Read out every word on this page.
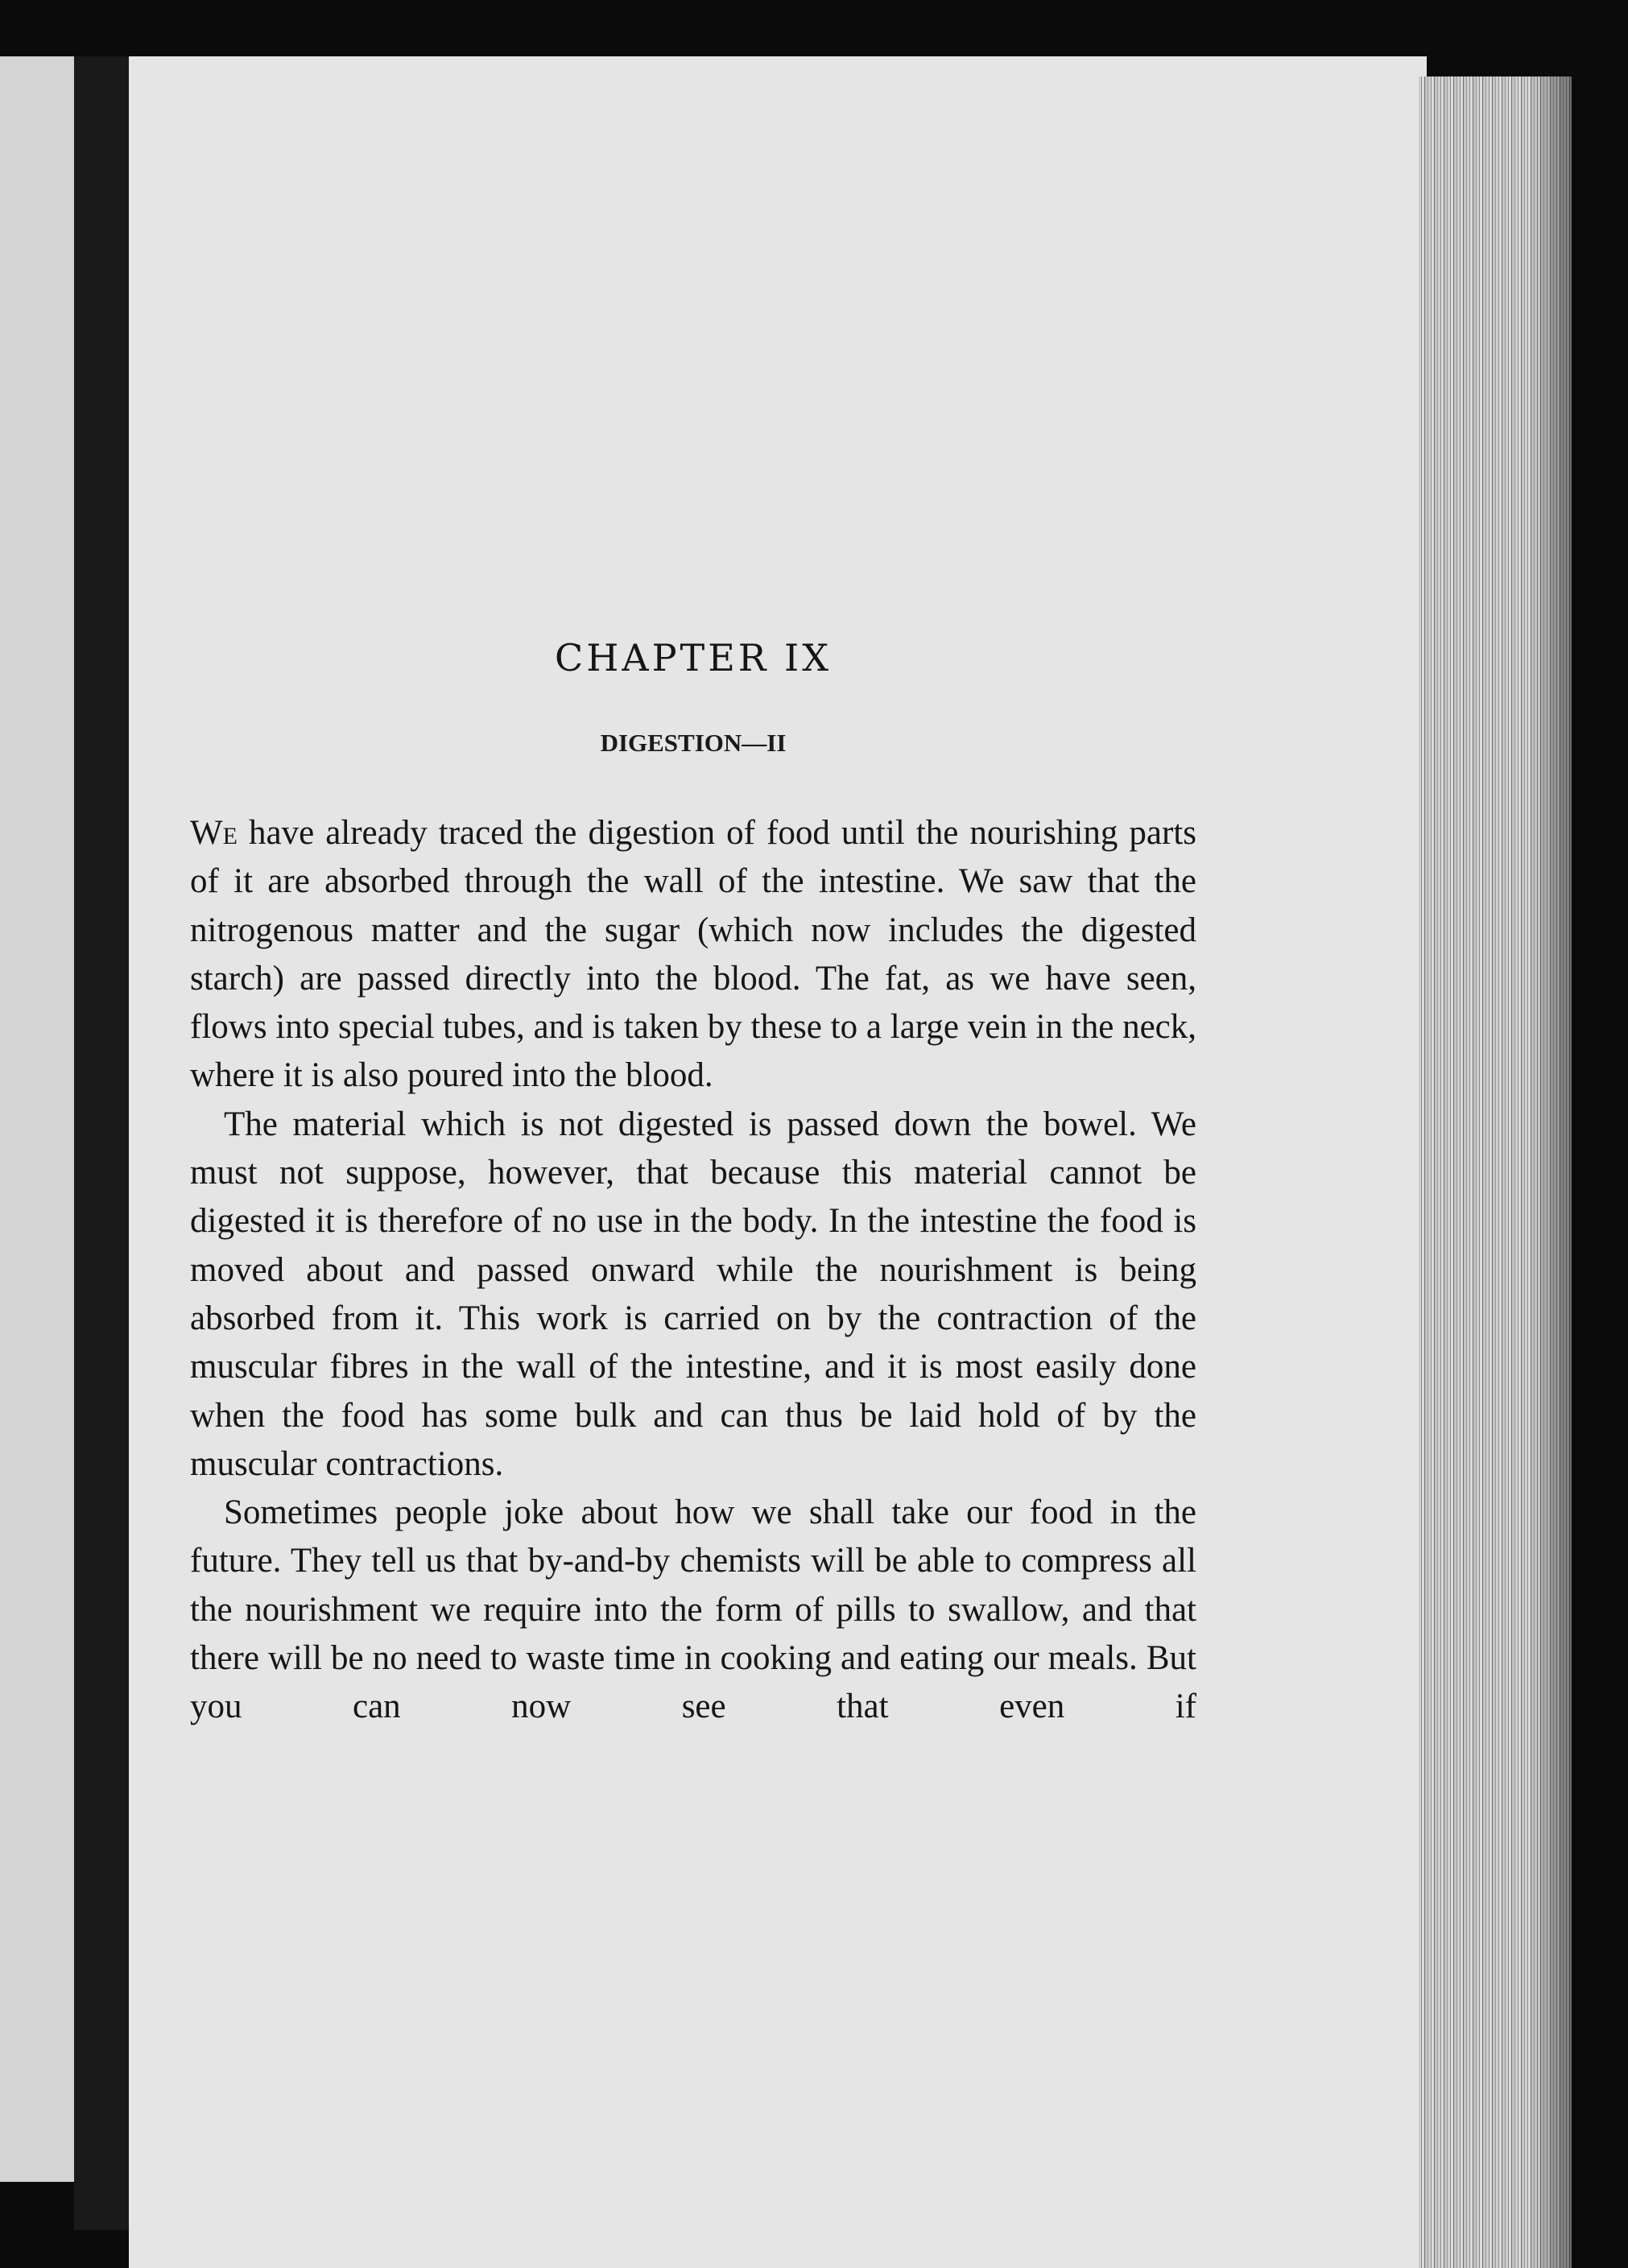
CHAPTER IX
DIGESTION—II

We have already traced the digestion of food until the nourishing parts of it are absorbed through the wall of the intestine. We saw that the nitrogenous matter and the sugar (which now includes the digested starch) are passed directly into the blood. The fat, as we have seen, flows into special tubes, and is taken by these to a large vein in the neck, where it is also poured into the blood.

The material which is not digested is passed down the bowel. We must not suppose, however, that because this material cannot be digested it is therefore of no use in the body. In the intestine the food is moved about and passed onward while the nourishment is being absorbed from it. This work is carried on by the contraction of the muscular fibres in the wall of the intestine, and it is most easily done when the food has some bulk and can thus be laid hold of by the muscular contractions.

Sometimes people joke about how we shall take our food in the future. They tell us that by-and-by chemists will be able to compress all the nourishment we require into the form of pills to swallow, and that there will be no need to waste time in cooking and eating our meals. But you can now see that even if
